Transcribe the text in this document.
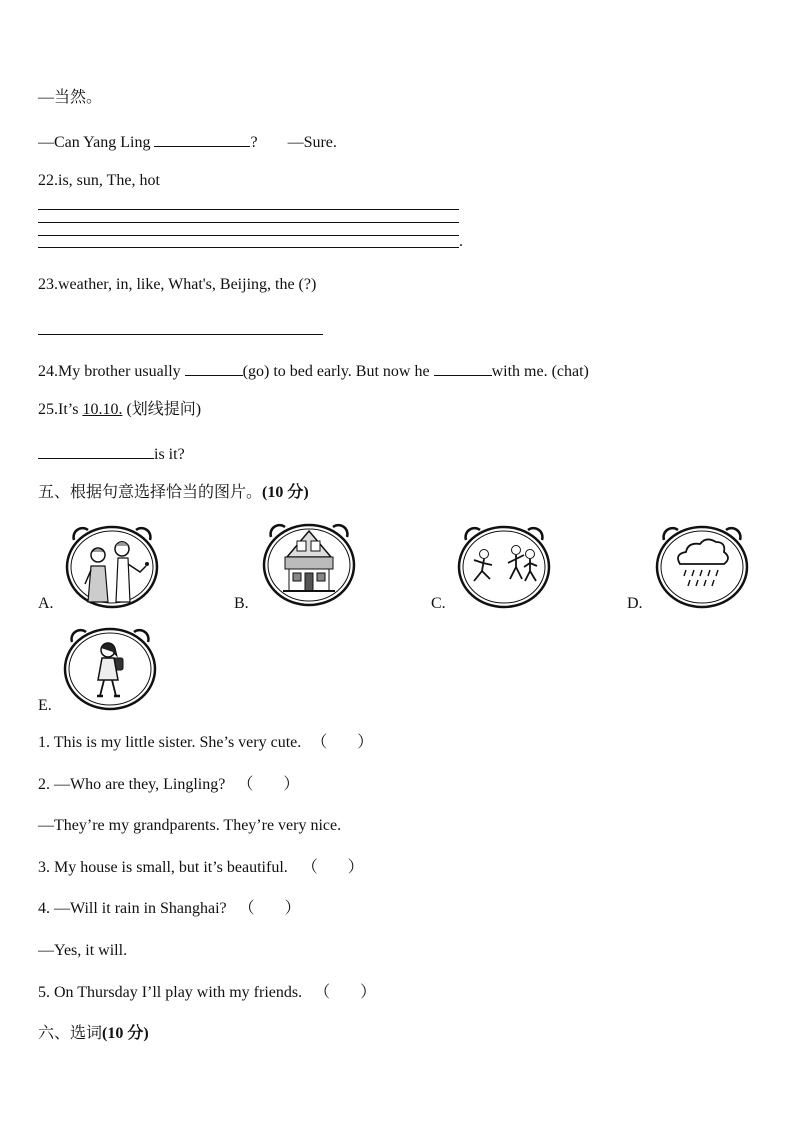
—当然。
—Can Yang Ling	? —Sure.
22.is, sun, The, hot
.
23.weather, in, like, What's, Beijing, the (?)
24.My brother usually	(go) to bed early. But now he	with me. (chat)
25.It’s 10.10. (划线提问)
is it?
五、根据句意选择恰当的图片。(10 分)
A.	B.	C.	D.
E.
1. This is my little sister. She’s very cute. （ ）
2. —Who are they, Lingling? （ ）
—They’re my grandparents. They’re very nice.
3. My house is small, but it’s beautiful. （ ）
4. —Will it rain in Shanghai? （ ）
—Yes, it will.
5. On Thursday I’ll play with my friends. （ ）
六、选词(10 分)
